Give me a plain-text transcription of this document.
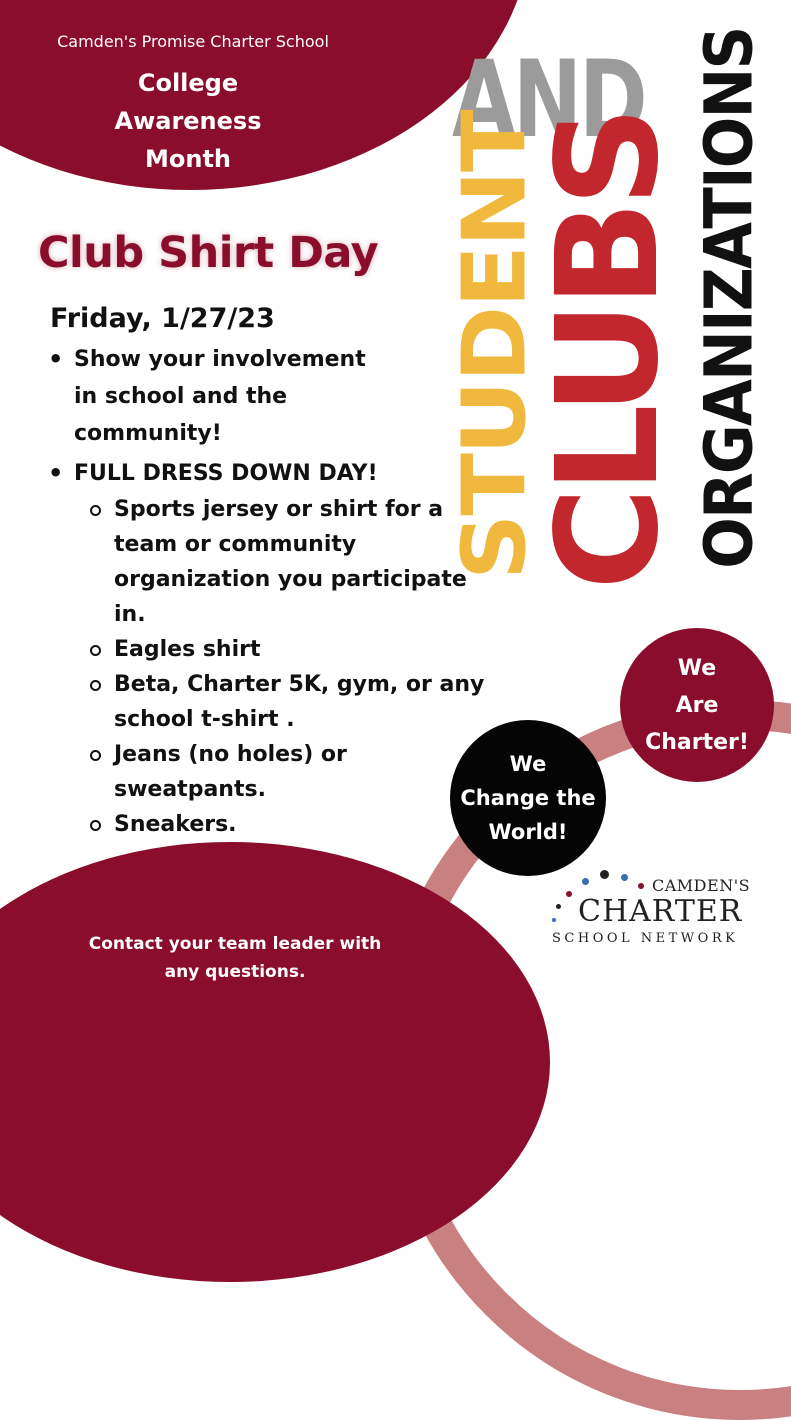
Camden's Promise Charter School
College
Awareness
Month
Club Shirt Day
Friday, 1/27/23
• Show your involvement in school and the community!
• FULL DRESS DOWN DAY!
Sports jersey or shirt for a team or community organization you participate in.
Eagles shirt
Beta, Charter 5K, gym, or any school t-shirt .
Jeans (no holes) or sweatpants.
Sneakers.
AND
STUDENT
CLUBS ORGANIZATIONS
We
Are
Charter!
We
Change the
World!
Contact your team leader with
any questions.
CAMDEN'S
CHARTER
SCHOOL NETWORK
